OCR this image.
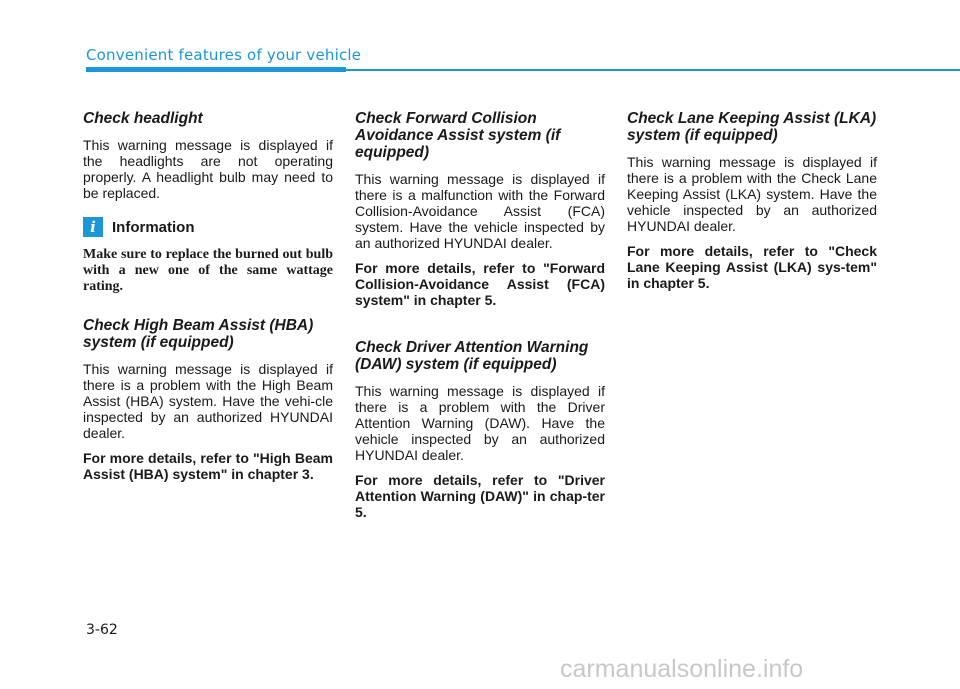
Convenient features of your vehicle
Check headlight
This warning message is displayed if the headlights are not operating properly. A headlight bulb may need to be replaced.
i	Information
Make sure to replace the burned out bulb with a new one of the same wattage rating.
Check High Beam Assist (HBA) system (if equipped)
This warning message is displayed if there is a problem with the High Beam Assist (HBA) system. Have the vehi-cle inspected by an authorized HYUNDAI dealer.
For more details, refer to "High Beam Assist (HBA) system" in chapter 3.
Check Forward Collision Avoidance Assist system (if equipped)
This warning message is displayed if there is a malfunction with the Forward Collision-Avoidance Assist (FCA) system. Have the vehicle inspected by an authorized HYUNDAI dealer.
For more details, refer to "Forward Collision-Avoidance Assist (FCA) system" in chapter 5.
Check Driver Attention Warning (DAW) system (if equipped)
This warning message is displayed if there is a problem with the Driver Attention Warning (DAW). Have the vehicle inspected by an authorized HYUNDAI dealer.
For more details, refer to "Driver Attention Warning (DAW)" in chap-ter 5.
Check Lane Keeping Assist (LKA) system (if equipped)
This warning message is displayed if there is a problem with the Check Lane Keeping Assist (LKA) system. Have the vehicle inspected by an authorized HYUNDAI dealer.
For more details, refer to "Check Lane Keeping Assist (LKA) sys-tem" in chapter 5.
3-62
carmanualsonline.info
